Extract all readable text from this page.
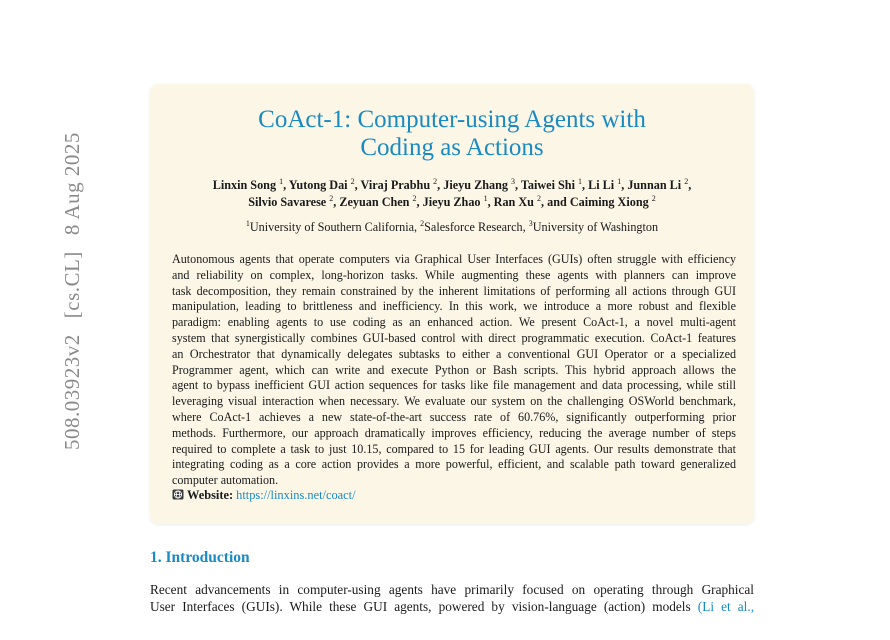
508.03923v2[cs.CL]8 Aug 2025
CoAct-1: Computer-using Agents with
Coding as Actions
Linxin Song $^1$, Yutong Dai $^2$, Viraj Prabhu $^2$, Jieyu Zhang $^3$, Taiwei Shi $^1$, Li Li $^1$, Junnan Li $^2$,
Silvio Savarese $^2$, Zeyuan Chen $^2$, Jieyu Zhao $^1$, Ran Xu $^2$, and Caiming Xiong $^2$
$^1$University of Southern California, $^2$Salesforce Research, $^3$University of Washington
Autonomous agents that operate computers via Graphical User Interfaces (GUIs) often struggle with efficiency
and reliability on complex, long-horizon tasks. While augmenting these agents with planners can improve
task decomposition, they remain constrained by the inherent limitations of performing all actions through GUI
manipulation, leading to brittleness and inefficiency. In this work, we introduce a more robust and flexible
paradigm: enabling agents to use coding as an enhanced action. We present CoAct-1, a novel multi-agent
system that synergistically combines GUI-based control with direct programmatic execution. CoAct-1 features
an Orchestrator that dynamically delegates subtasks to either a conventional GUI Operator or a specialized
Programmer agent, which can write and execute Python or Bash scripts. This hybrid approach allows the
agent to bypass inefficient GUI action sequences for tasks like file management and data processing, while still
leveraging visual interaction when necessary. We evaluate our system on the challenging OSWorld benchmark,
where CoAct-1 achieves a new state-of-the-art success rate of 60.76%, significantly outperforming prior
methods. Furthermore, our approach dramatically improves efficiency, reducing the average number of steps
required to complete a task to just 10.15, compared to 15 for leading GUI agents. Our results demonstrate that
integrating coding as a core action provides a more powerful, efficient, and scalable path toward generalized
computer automation.
Website: https://linxins.net/coact/
1. Introduction
Recent advancements in computer-using agents have primarily focused on operating through Graphical
User Interfaces (GUIs). While these GUI agents, powered by vision-language (action) models (Li et al.,
